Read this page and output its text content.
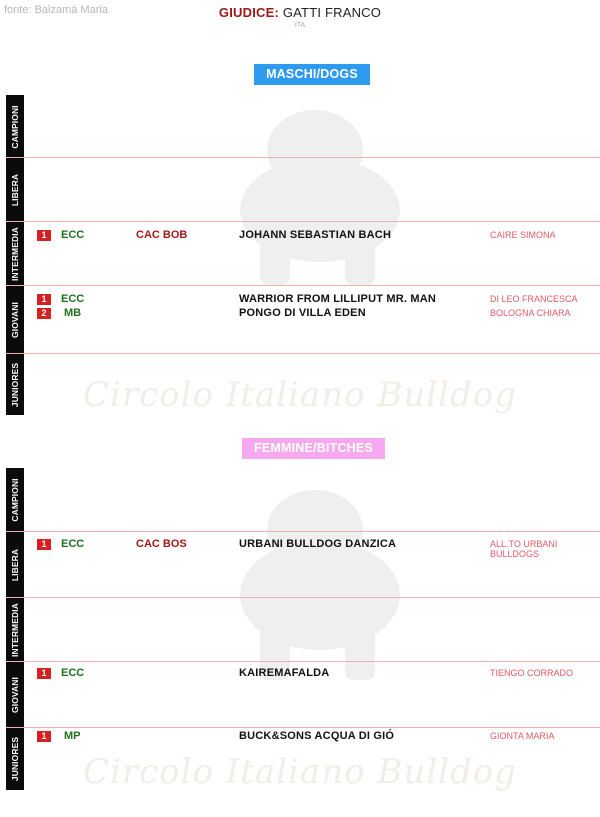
fonte: Balzamà Maria	GIUDICE: GATTI FRANCO
ITA
Circolo Italiano Bulldog
Circolo Italiano Bulldog
MASCHI/DOGS
CAMPIONI
LIBERA
INTERMEDIA	1	ECC	CAC BOB	JOHANN SEBASTIAN BACH	CAIRE SIMONA
GIOVANI
1	ECC	WARRIOR FROM LILLIPUT MR. MAN	DI LEO FRANCESCA
2	MB	PONGO DI VILLA EDEN	BOLOGNA CHIARA
JUNIORES
FEMMINE/BITCHES
CAMPIONI
LIBERA
1	ECC	CAC BOS	URBANI BULLDOG DANZICA	ALL.TO URBANI BULLDOGS
INTERMEDIA
GIOVANI
1	ECC	KAIREMAFALDA	TIENGO CORRADO
JUNIORES
1	MP	BUCK&SONS ACQUA DI GIÓ	GIONTA MARIA
